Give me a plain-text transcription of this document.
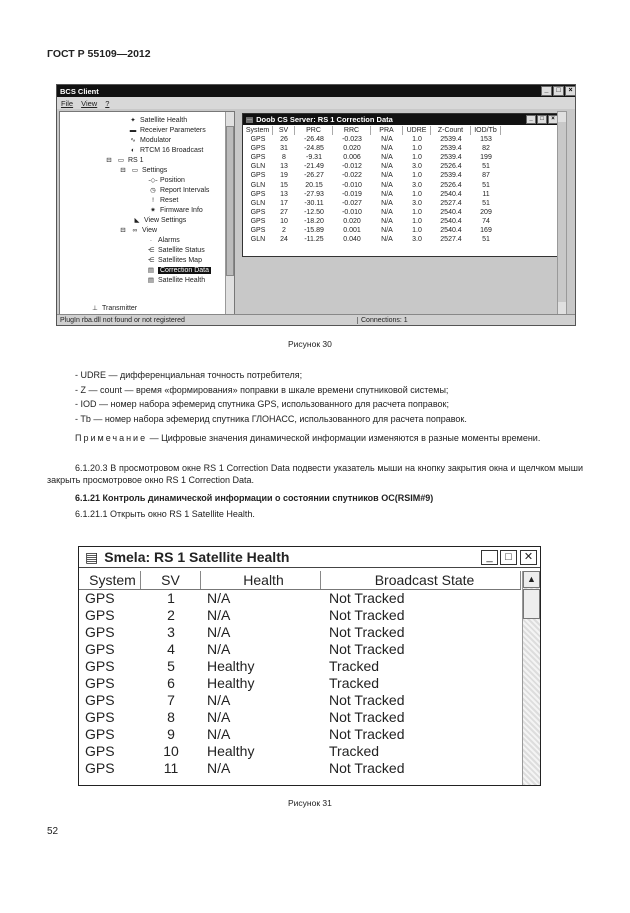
ГОСТ Р 55109—2012
BCS Client	_	□	×
File View ?
✦ Satellite Health
▬ Receiver Parameters
∿ Modulator
◐ RTCM 16 Broadcast
⊟ ▭ RS 1
⊟ ▭ Settings
-◇- Position
◷ Report Intervals
! Reset
✷ Firmware Info
◣ View Settings
⊟	∞ View
· Alarms
⋲ Satellite Status
⋲ Satellites Map
▤ Correction Data
▤ Satellite Health
⊥ Transmitter
▤ Doob CS Server: RS 1 Correction Data	_	□	×
System	SV	PRC	RRC	PRA	UDRE	Z-Count	IOD/Tb
GPS	26	-26.48	-0.023	N/A	1.0	2539.4	153
GPS	31	-24.85	0.020	N/A	1.0	2539.4	82
GPS	8	-9.31	0.006	N/A	1.0	2539.4	199
GLN	13	-21.49	-0.012	N/A	3.0	2526.4	51
GPS	19	-26.27	-0.022	N/A	1.0	2539.4	87
GLN	15	20.15	-0.010	N/A	3.0	2526.4	51
GPS	13	-27.93	-0.019	N/A	1.0	2540.4	11
GLN	17	-30.11	-0.027	N/A	3.0	2527.4	51
GPS	27	-12.50	-0.010	N/A	1.0	2540.4	209
GPS	10	-18.20	0.020	N/A	1.0	2540.4	74
GPS	2	-15.89	0.001	N/A	1.0	2540.4	169
GLN	24	-11.25	0.040	N/A	3.0	2527.4	51
PlugIn rba.dll not found or not registered	Connections: 1
Рисунок 30
- UDRE — дифференциальная точность потребителя;
- Z — count — время «формирования» поправки в шкале времени спутниковой системы;
- IOD — номер набора эфемерид спутника GPS, использованного для расчета поправок;
- Tb — номер набора эфемерид спутника ГЛОНАСС, использованного для расчета поправок.
Примечание — Цифровые значения динамической информации изменяются в разные моменты времени.
6.1.20.3 В просмотровом окне RS 1 Correction Data подвести указатель мыши на кнопку закрытия окна и щелчком мыши закрыть просмотровое окно RS 1 Correction Data.
6.1.21 Контроль динамической информации о состоянии спутников ОС(RSIM#9)
6.1.21.1 Открыть окно RS 1 Satellite Health.
▤ Smela: RS 1 Satellite Health	_	□	✕
System	SV	Health	Broadcast State
GPS	1	N/A	Not Tracked
GPS	2	N/A	Not Tracked
GPS	3	N/A	Not Tracked
GPS	4	N/A	Not Tracked
GPS	5	Healthy	Tracked
GPS	6	Healthy	Tracked
GPS	7	N/A	Not Tracked
GPS	8	N/A	Not Tracked
GPS	9	N/A	Not Tracked
GPS	10	Healthy	Tracked
GPS	11	N/A	Not Tracked
▲
Рисунок 31
52
